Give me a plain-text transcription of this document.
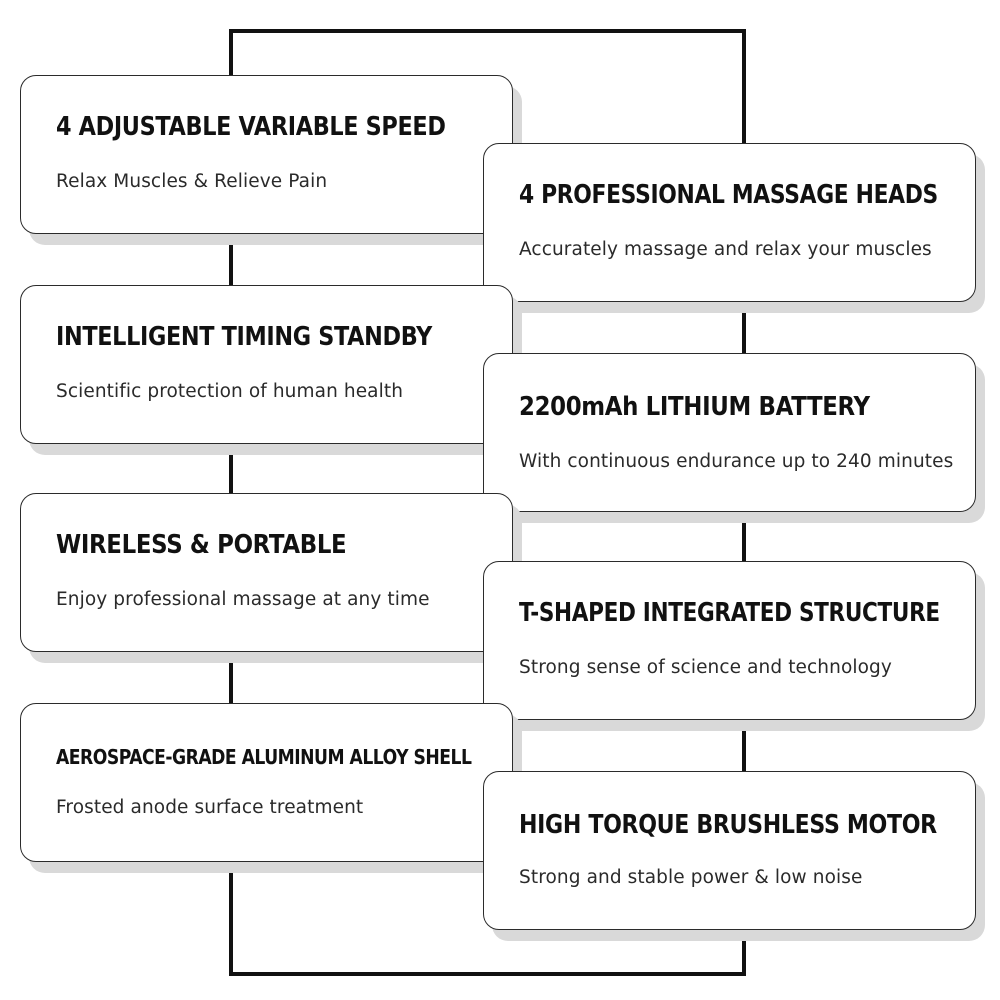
4 ADJUSTABLE VARIABLE SPEED

Relax Muscles & Relieve Pain	4 PROFESSIONAL MASSAGE HEADS

Accurately massage and relax your muscles

INTELLIGENT TIMING STANDBY

Scientific protection of human health

2200mAh LITHIUM BATTERY

With continuous endurance up to 240 minutes

WIRELESS & PORTABLE

Enjoy professional massage at any time	T-SHAPED INTEGRATED STRUCTURE

Strong sense of science and technology

AEROSPACE-GRADE ALUMINUM ALLOY SHELL

Frosted anode surface treatment

HIGH TORQUE BRUSHLESS MOTOR

Strong and stable power & low noise
